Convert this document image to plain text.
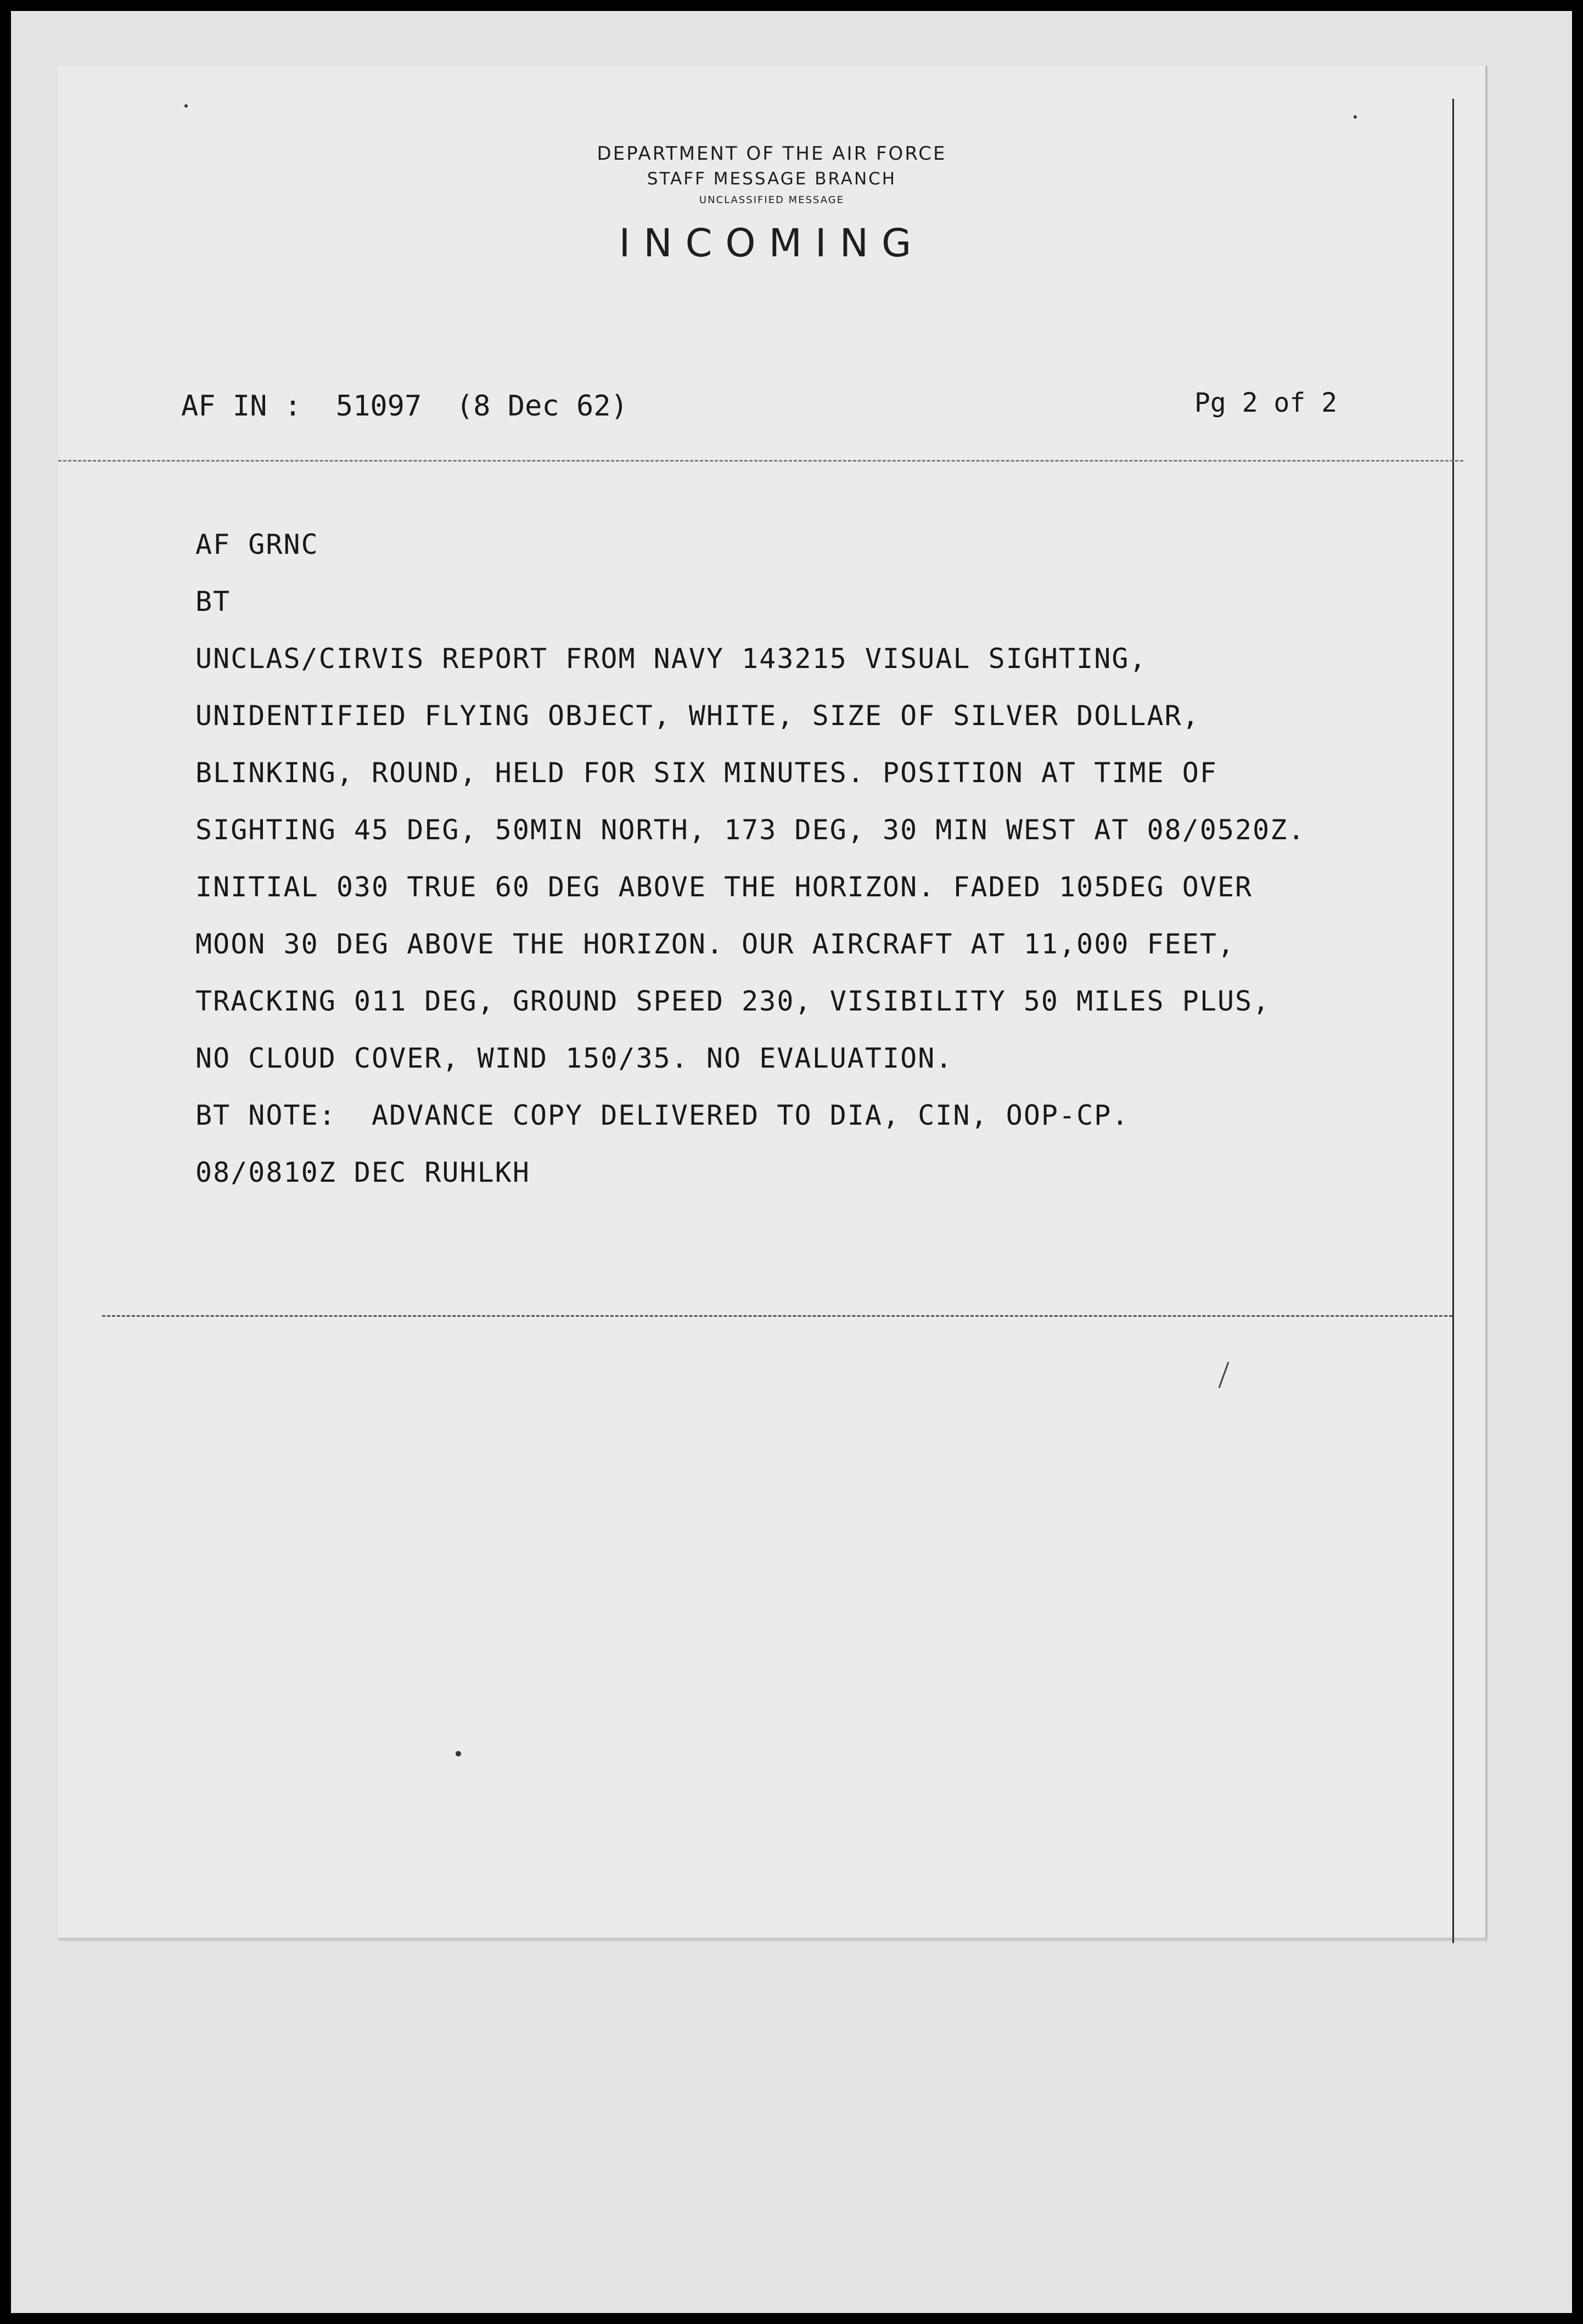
DEPARTMENT OF THE AIR FORCE
STAFF MESSAGE BRANCH
UNCLASSIFIED MESSAGE
INCOMING
AF IN :  51097  (8 Dec 62)	Pg 2 of 2
AF GRNC
BT
UNCLAS/CIRVIS REPORT FROM NAVY 143215 VISUAL SIGHTING,
UNIDENTIFIED FLYING OBJECT, WHITE, SIZE OF SILVER DOLLAR,
BLINKING, ROUND, HELD FOR SIX MINUTES. POSITION AT TIME OF
SIGHTING 45 DEG, 50MIN NORTH, 173 DEG, 30 MIN WEST AT 08/0520Z.
INITIAL 030 TRUE 60 DEG ABOVE THE HORIZON. FADED 105DEG OVER
MOON 30 DEG ABOVE THE HORIZON. OUR AIRCRAFT AT 11,000 FEET,
TRACKING 011 DEG, GROUND SPEED 230, VISIBILITY 50 MILES PLUS,
NO CLOUD COVER, WIND 150/35. NO EVALUATION.
BT NOTE:  ADVANCE COPY DELIVERED TO DIA, CIN, OOP-CP.
08/0810Z DEC RUHLKH
